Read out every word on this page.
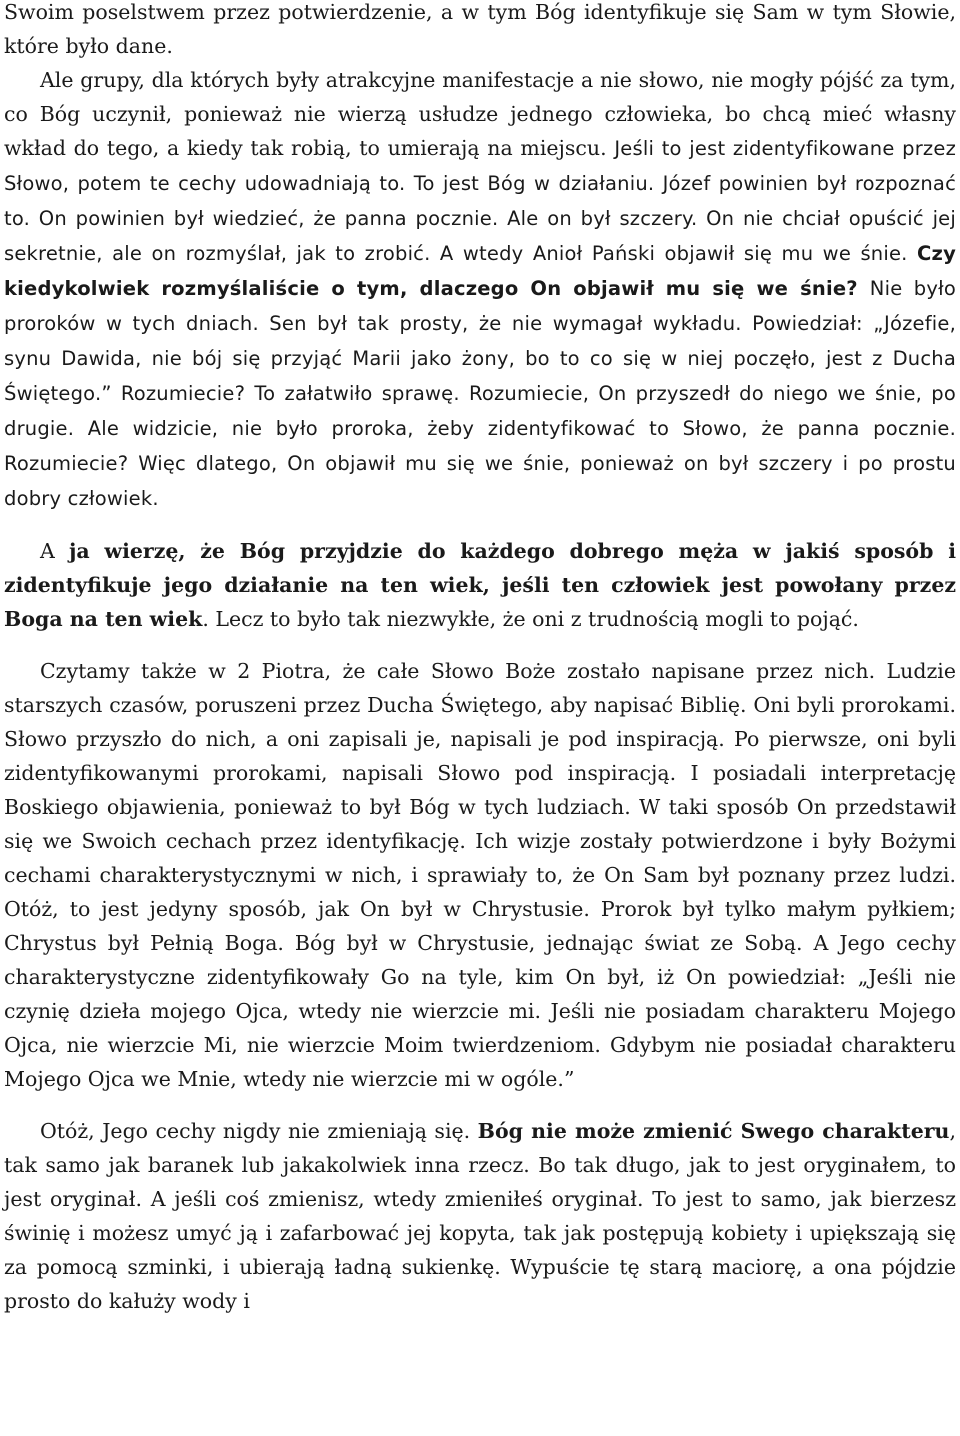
Swoim poselstwem przez potwierdzenie, a w tym Bóg identyfikuje się Sam w tym Słowie, które było dane.
Ale grupy, dla których były atrakcyjne manifestacje a nie słowo, nie mogły pójść za tym, co Bóg uczynił, ponieważ nie wierzą usłudze jednego człowieka, bo chcą mieć własny wkład do tego, a kiedy tak robią, to umierają na miejscu. Jeśli to jest zidentyfikowane przez Słowo, potem te cechy udowadniają to. To jest Bóg w działaniu. Józef powinien był rozpoznać to. On powinien był wiedzieć, że panna pocznie. Ale on był szczery. On nie chciał opuścić jej sekretnie, ale on rozmyślał, jak to zrobić. A wtedy Anioł Pański objawił się mu we śnie. Czy kiedykolwiek rozmyślaliście o tym, dlaczego On objawił mu się we śnie? Nie było proroków w tych dniach. Sen był tak prosty, że nie wymagał wykładu. Powiedział: „Józefie, synu Dawida, nie bój się przyjąć Marii jako żony, bo to co się w niej poczęło, jest z Ducha Świętego.” Rozumiecie? To załatwiło sprawę. Rozumiecie, On przyszedł do niego we śnie, po drugie. Ale widzicie, nie było proroka, żeby zidentyfikować to Słowo, że panna pocznie. Rozumiecie? Więc dlatego, On objawił mu się we śnie, ponieważ on był szczery i po prostu dobry człowiek.

A ja wierzę, że Bóg przyjdzie do każdego dobrego męża w jakiś sposób i zidentyfikuje jego działanie na ten wiek, jeśli ten człowiek jest powołany przez Boga na ten wiek. Lecz to było tak niezwykłe, że oni z trudnością mogli to pojąć.

Czytamy także w 2 Piotra, że całe Słowo Boże zostało napisane przez nich. Ludzie starszych czasów, poruszeni przez Ducha Świętego, aby napisać Biblię. Oni byli prorokami. Słowo przyszło do nich, a oni zapisali je, napisali je pod inspiracją. Po pierwsze, oni byli zidentyfikowanymi prorokami, napisali Słowo pod inspiracją. I posiadali interpretację Boskiego objawienia, ponieważ to był Bóg w tych ludziach. W taki sposób On przedstawił się we Swoich cechach przez identyfikację. Ich wizje zostały potwierdzone i były Bożymi cechami charakterystycznymi w nich, i sprawiały to, że On Sam był poznany przez ludzi. Otóż, to jest jedyny sposób, jak On był w Chrystusie. Prorok był tylko małym pyłkiem; Chrystus był Pełnią Boga. Bóg był w Chrystusie, jednając świat ze Sobą. A Jego cechy charakterystyczne zidentyfikowały Go na tyle, kim On był, iż On powiedział: „Jeśli nie czynię dzieła mojego Ojca, wtedy nie wierzcie mi. Jeśli nie posiadam charakteru Mojego Ojca, nie wierzcie Mi, nie wierzcie Moim twierdzeniom. Gdybym nie posiadał charakteru Mojego Ojca we Mnie, wtedy nie wierzcie mi w ogóle.”

Otóż, Jego cechy nigdy nie zmieniają się. Bóg nie może zmienić Swego charakteru, tak samo jak baranek lub jakakolwiek inna rzecz. Bo tak długo, jak to jest oryginałem, to jest oryginał. A jeśli coś zmienisz, wtedy zmieniłeś oryginał. To jest to samo, jak bierzesz świnię i możesz umyć ją i zafarbować jej kopyta, tak jak postępują kobiety i upiększają się za pomocą szminki, i ubierają ładną sukienkę. Wypuście tę starą maciorę, a ona pójdzie prosto do kałuży wody i
